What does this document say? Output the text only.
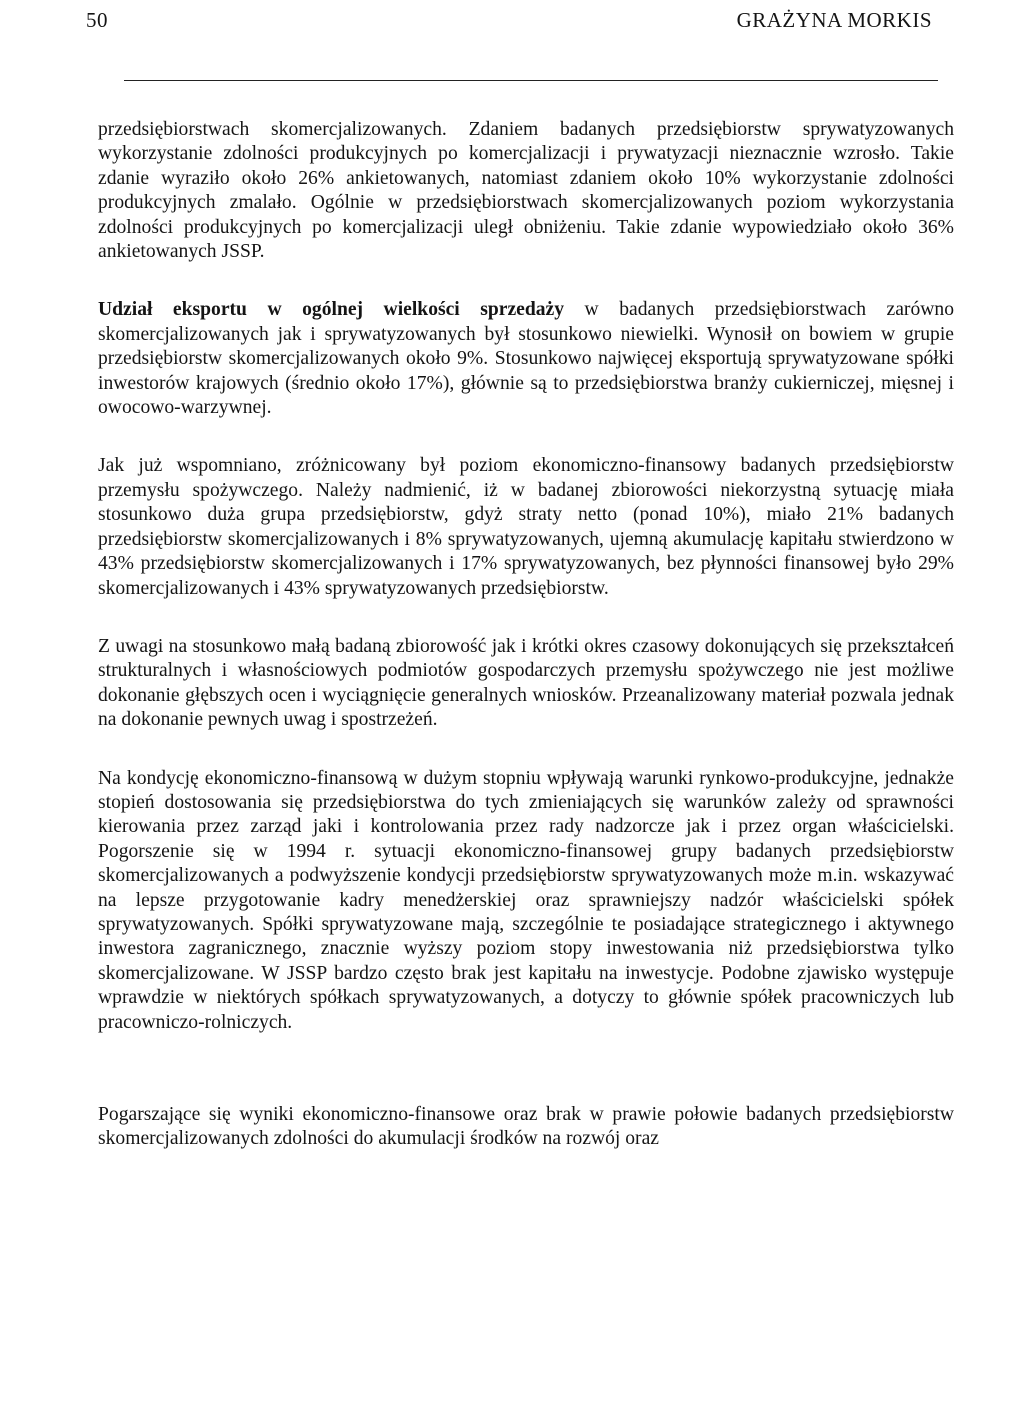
50	GRAŻYNA MORKIS

przedsiębiorstwach skomercjalizowanych. Zdaniem badanych przedsiębiorstw sprywatyzowanych wykorzystanie zdolności produkcyjnych po komercjalizacji i prywatyzacji nieznacznie wzrosło. Takie zdanie wyraziło około 26% ankietowanych, natomiast zdaniem około 10% wykorzystanie zdolności produkcyjnych zmalało. Ogólnie w przedsiębiorstwach skomercjalizowanych poziom wykorzystania zdolności produkcyjnych po komercjalizacji uległ obniżeniu. Takie zdanie wypowiedziało około 36% ankietowanych JSSP.

Udział eksportu w ogólnej wielkości sprzedaży w badanych przedsiębiorstwach zarówno skomercjalizowanych jak i sprywatyzowanych był stosunkowo niewielki. Wynosił on bowiem w grupie przedsiębiorstw skomercjalizowanych około 9%. Stosunkowo najwięcej eksportują sprywatyzowane spółki inwestorów krajowych (średnio około 17%), głównie są to przedsiębiorstwa branży cukierniczej, mięsnej i owocowo-warzywnej.

Jak już wspomniano, zróżnicowany był poziom ekonomiczno-finansowy badanych przedsiębiorstw przemysłu spożywczego. Należy nadmienić, iż w badanej zbiorowości niekorzystną sytuację miała stosunkowo duża grupa przedsiębiorstw, gdyż straty netto (ponad 10%), miało 21% badanych przedsiębiorstw skomercjalizowanych i 8% sprywatyzowanych, ujemną akumulację kapitału stwierdzono w 43% przedsiębiorstw skomercjalizowanych i 17% sprywatyzowanych, bez płynności finansowej było 29% skomercjalizowanych i 43% sprywatyzowanych przedsiębiorstw.

Z uwagi na stosunkowo małą badaną zbiorowość jak i krótki okres czasowy dokonujących się przekształceń strukturalnych i własnościowych podmiotów gospodarczych przemysłu spożywczego nie jest możliwe dokonanie głębszych ocen i wyciągnięcie generalnych wniosków. Przeanalizowany materiał pozwala jednak na dokonanie pewnych uwag i spostrzeżeń.

Na kondycję ekonomiczno-finansową w dużym stopniu wpływają warunki rynkowo-produkcyjne, jednakże stopień dostosowania się przedsiębiorstwa do tych zmieniających się warunków zależy od sprawności kierowania przez zarząd jaki i kontrolowania przez rady nadzorcze jak i przez organ właścicielski. Pogorszenie się w 1994 r. sytuacji ekonomiczno-finansowej grupy badanych przedsiębiorstw skomercjalizowanych a podwyższenie kondycji przedsiębiorstw sprywatyzowanych może m.in. wskazywać na lepsze przygotowanie kadry menedżerskiej oraz sprawniejszy nadzór właścicielski spółek sprywatyzowanych. Spółki sprywatyzowane mają, szczególnie te posiadające strategicznego i aktywnego inwestora zagranicznego, znacznie wyższy poziom stopy inwestowania niż przedsiębiorstwa tylko skomercjalizowane. W JSSP bardzo często brak jest kapitału na inwestycje. Podobne zjawisko występuje wprawdzie w niektórych spółkach sprywatyzowanych, a dotyczy to głównie spółek pracowniczych lub pracowniczo-rolniczych.

Pogarszające się wyniki ekonomiczno-finansowe oraz brak w prawie połowie badanych przedsiębiorstw skomercjalizowanych zdolności do akumulacji środków na rozwój oraz
